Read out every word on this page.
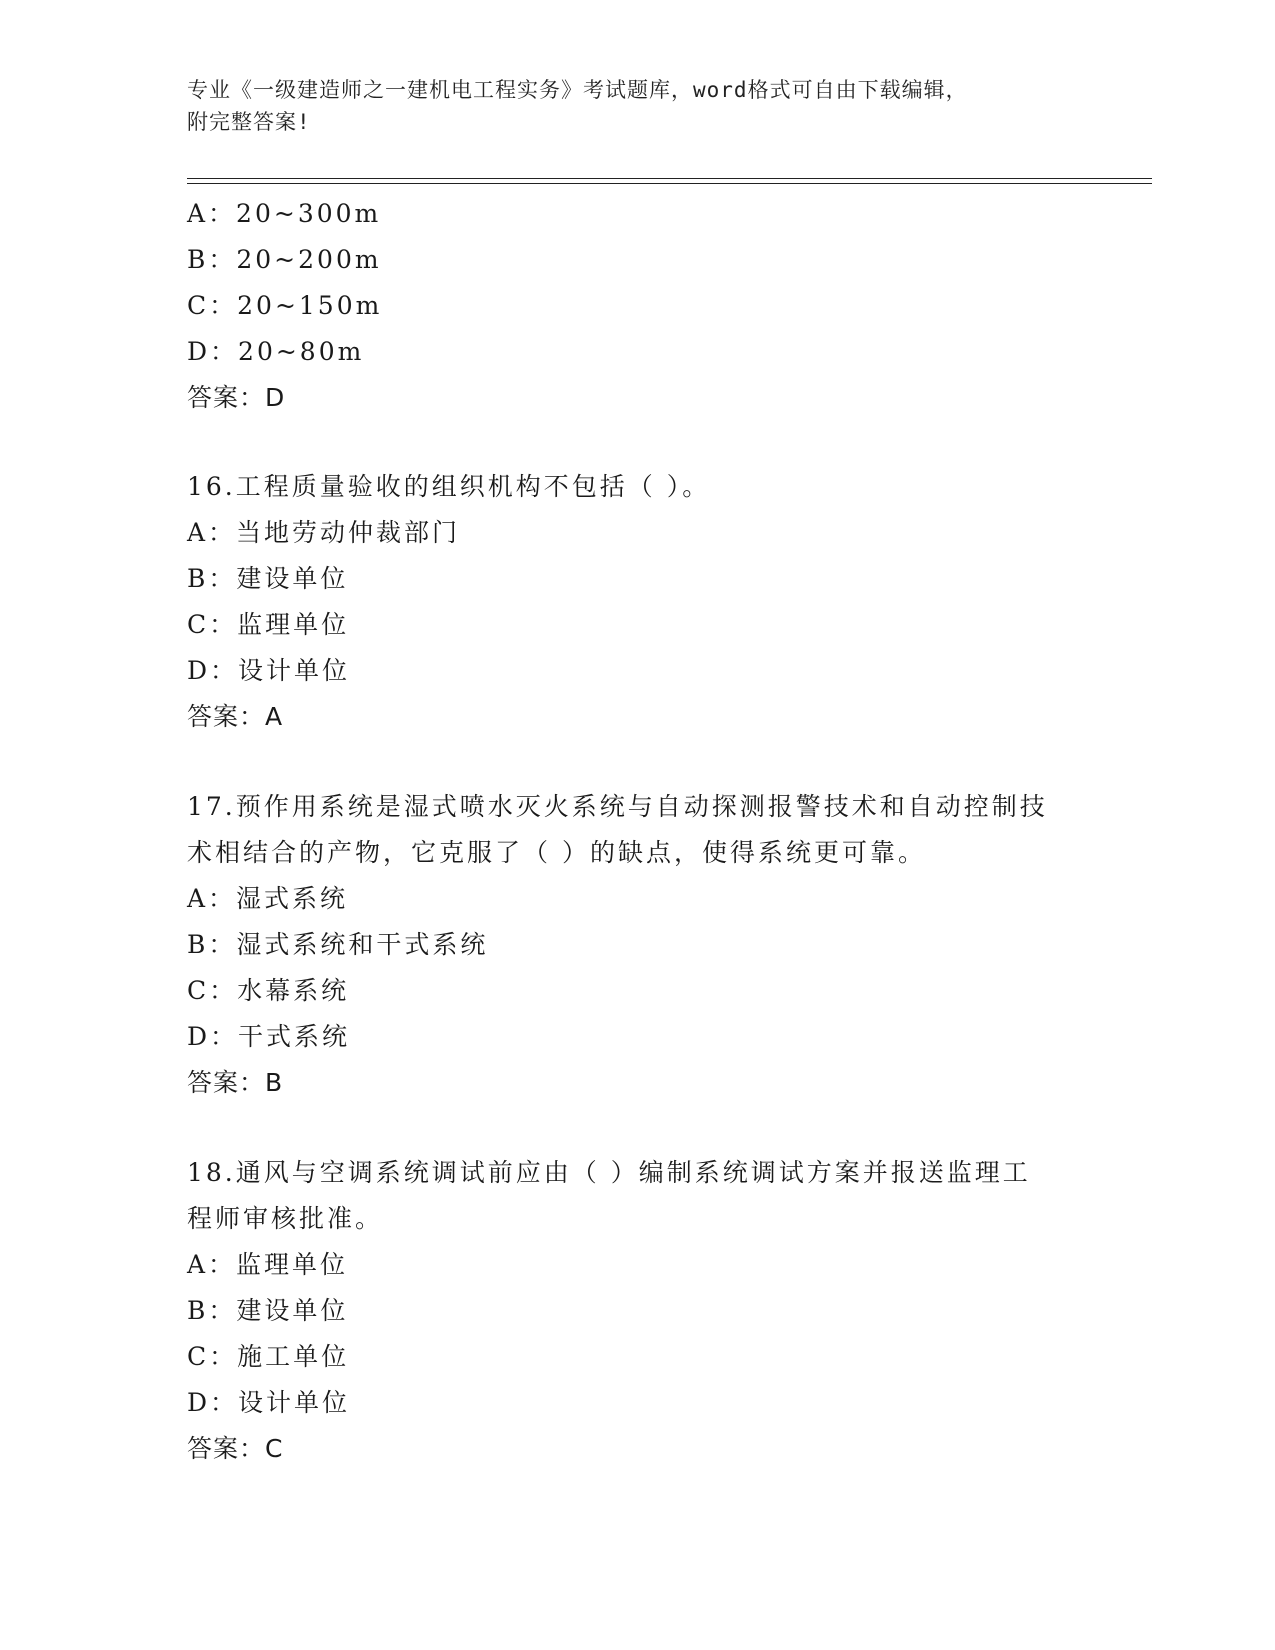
专业《一级建造师之一建机电工程实务》考试题库，word格式可自由下载编辑，
附完整答案!
A：20~300m
B：20~200m
C：20~150m
D：20~80m
答案：D
16.工程质量验收的组织机构不包括（ ）。
A：当地劳动仲裁部门
B：建设单位
C：监理单位
D：设计单位
答案：A
17.预作用系统是湿式喷水灭火系统与自动探测报警技术和自动控制技
术相结合的产物，它克服了（ ）的缺点，使得系统更可靠。
A：湿式系统
B：湿式系统和干式系统
C：水幕系统
D：干式系统
答案：B
18.通风与空调系统调试前应由（ ）编制系统调试方案并报送监理工
程师审核批准。
A：监理单位
B：建设单位
C：施工单位
D：设计单位
答案：C
